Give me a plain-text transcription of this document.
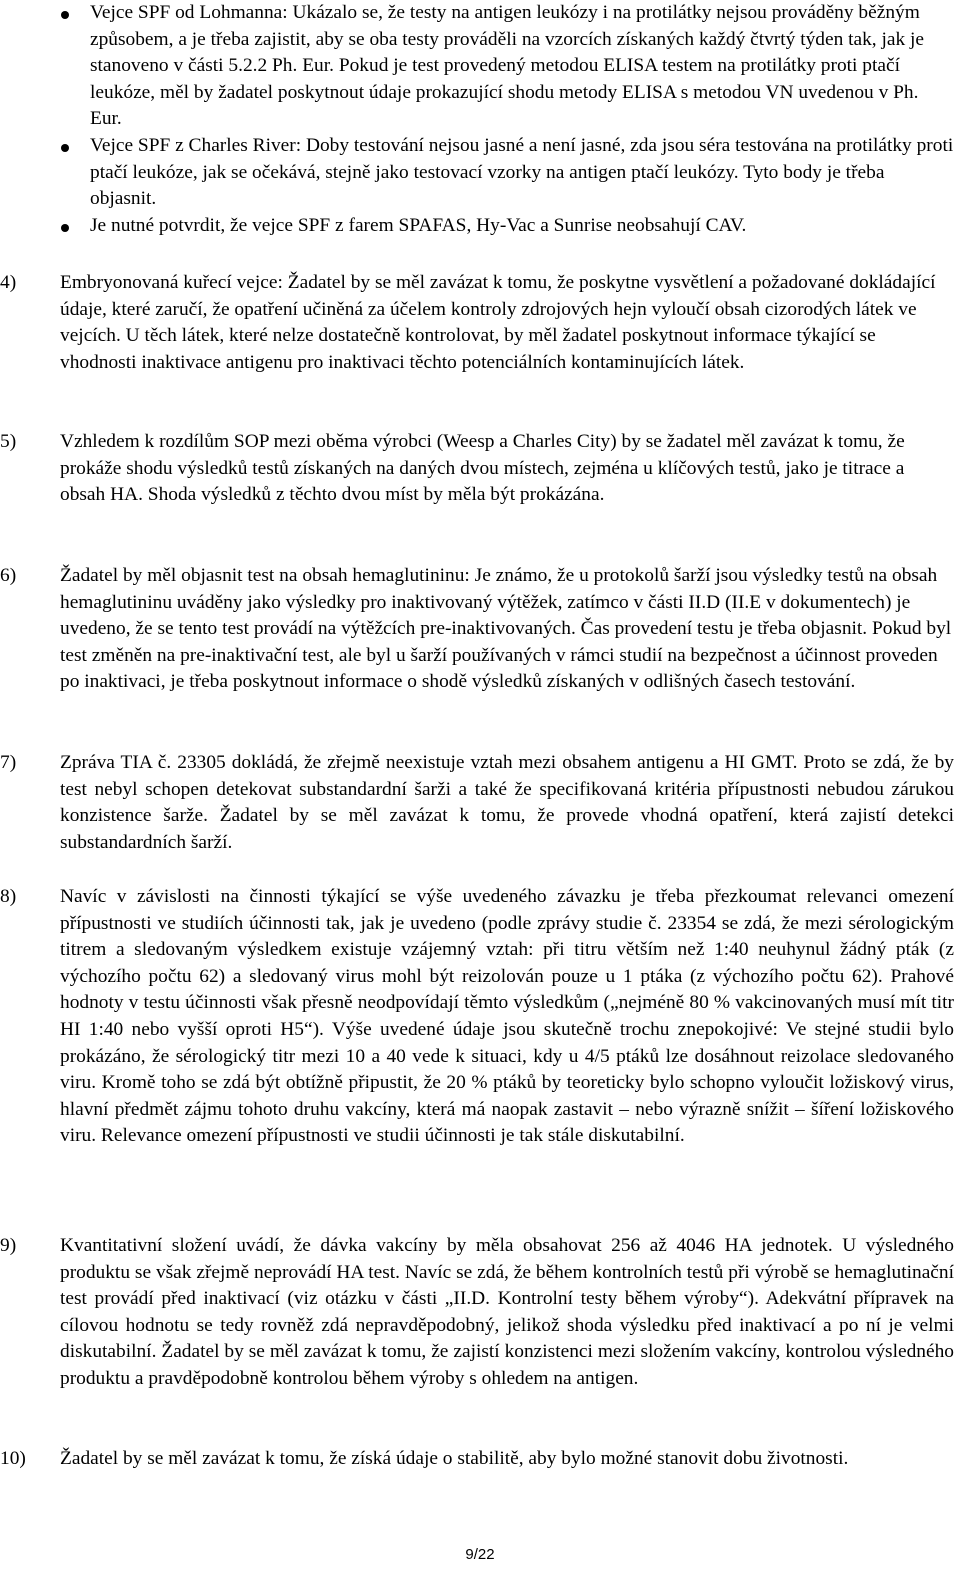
Vejce SPF od Lohmanna: Ukázalo se, že testy na antigen leukózy i na protilátky nejsou prováděny běžným způsobem, a je třeba zajistit, aby se oba testy prováděli na vzorcích získaných každý čtvrtý týden tak, jak je stanoveno v části 5.2.2 Ph. Eur. Pokud je test provedený metodou ELISA testem na protilátky proti ptačí leukóze, měl by žadatel poskytnout údaje prokazující shodu metody ELISA s metodou VN uvedenou v Ph. Eur.
Vejce SPF z Charles River: Doby testování nejsou jasné a není jasné, zda jsou séra testována na protilátky proti ptačí leukóze, jak se očekává, stejně jako testovací vzorky na antigen ptačí leukózy. Tyto body je třeba objasnit.
Je nutné potvrdit, že vejce SPF z farem SPAFAS, Hy-Vac a Sunrise neobsahují CAV.
4)	Embryonovaná kuřecí vejce: Žadatel by se měl zavázat k tomu, že poskytne vysvětlení a požadované dokládající údaje, které zaručí, že opatření učiněná za účelem kontroly zdrojových hejn vyloučí obsah cizorodých látek ve vejcích. U těch látek, které nelze dostatečně kontrolovat, by měl žadatel poskytnout informace týkající se vhodnosti inaktivace antigenu pro inaktivaci těchto potenciálních kontaminujících látek.
5)	Vzhledem k rozdílům SOP mezi oběma výrobci (Weesp a Charles City) by se žadatel měl zavázat k tomu, že prokáže shodu výsledků testů získaných na daných dvou místech, zejména u klíčových testů, jako je titrace a obsah HA. Shoda výsledků z těchto dvou míst by měla být prokázána.
6)	Žadatel by měl objasnit test na obsah hemaglutininu: Je známo, že u protokolů šarží jsou výsledky testů na obsah hemaglutininu uváděny jako výsledky pro inaktivovaný výtěžek, zatímco v části II.D (II.E v dokumentech) je uvedeno, že se tento test provádí na výtěžcích pre-inaktivovaných. Čas provedení testu je třeba objasnit. Pokud byl test změněn na pre-inaktivační test, ale byl u šarží používaných v rámci studií na bezpečnost a účinnost proveden po inaktivaci, je třeba poskytnout informace o shodě výsledků získaných v odlišných časech testování.
7)	Zpráva TIA č. 23305 dokládá, že zřejmě neexistuje vztah mezi obsahem antigenu a HI GMT. Proto se zdá, že by test nebyl schopen detekovat substandardní šarži a také že specifikovaná kritéria přípustnosti nebudou zárukou konzistence šarže. Žadatel by se měl zavázat k tomu, že provede vhodná opatření, která zajistí detekci substandardních šarží.
8)	Navíc v závislosti na činnosti týkající se výše uvedeného závazku je třeba přezkoumat relevanci omezení přípustnosti ve studiích účinnosti tak, jak je uvedeno (podle zprávy studie č. 23354 se zdá, že mezi sérologickým titrem a sledovaným výsledkem existuje vzájemný vztah: při titru větším než 1:40 neuhynul žádný pták (z výchozího počtu 62) a sledovaný virus mohl být reizolován pouze u 1 ptáka (z výchozího počtu 62). Prahové hodnoty v testu účinnosti však přesně neodpovídají těmto výsledkům („nejméně 80 % vakcinovaných musí mít titr HI 1:40 nebo vyšší oproti H5“). Výše uvedené údaje jsou skutečně trochu znepokojivé: Ve stejné studii bylo prokázáno, že sérologický titr mezi 10 a 40 vede k situaci, kdy u 4/5 ptáků lze dosáhnout reizolace sledovaného viru. Kromě toho se zdá být obtížně připustit, že 20 % ptáků by teoreticky bylo schopno vyloučit ložiskový virus, hlavní předmět zájmu tohoto druhu vakcíny, která má naopak zastavit – nebo výrazně snížit – šíření ložiskového viru. Relevance omezení přípustnosti ve studii účinnosti je tak stále diskutabilní.
9)	Kvantitativní složení uvádí, že dávka vakcíny by měla obsahovat 256 až 4046 HA jednotek. U výsledného produktu se však zřejmě neprovádí HA test. Navíc se zdá, že během kontrolních testů při výrobě se hemaglutinační test provádí před inaktivací (viz otázku v části „II.D. Kontrolní testy během výroby“). Adekvátní přípravek na cílovou hodnotu se tedy rovněž zdá nepravděpodobný, jelikož shoda výsledku před inaktivací a po ní je velmi diskutabilní. Žadatel by se měl zavázat k tomu, že zajistí konzistenci mezi složením vakcíny, kontrolou výsledného produktu a pravděpodobně kontrolou během výroby s ohledem na antigen.
10)	Žadatel by se měl zavázat k tomu, že získá údaje o stabilitě, aby bylo možné stanovit dobu životnosti.
9/22
